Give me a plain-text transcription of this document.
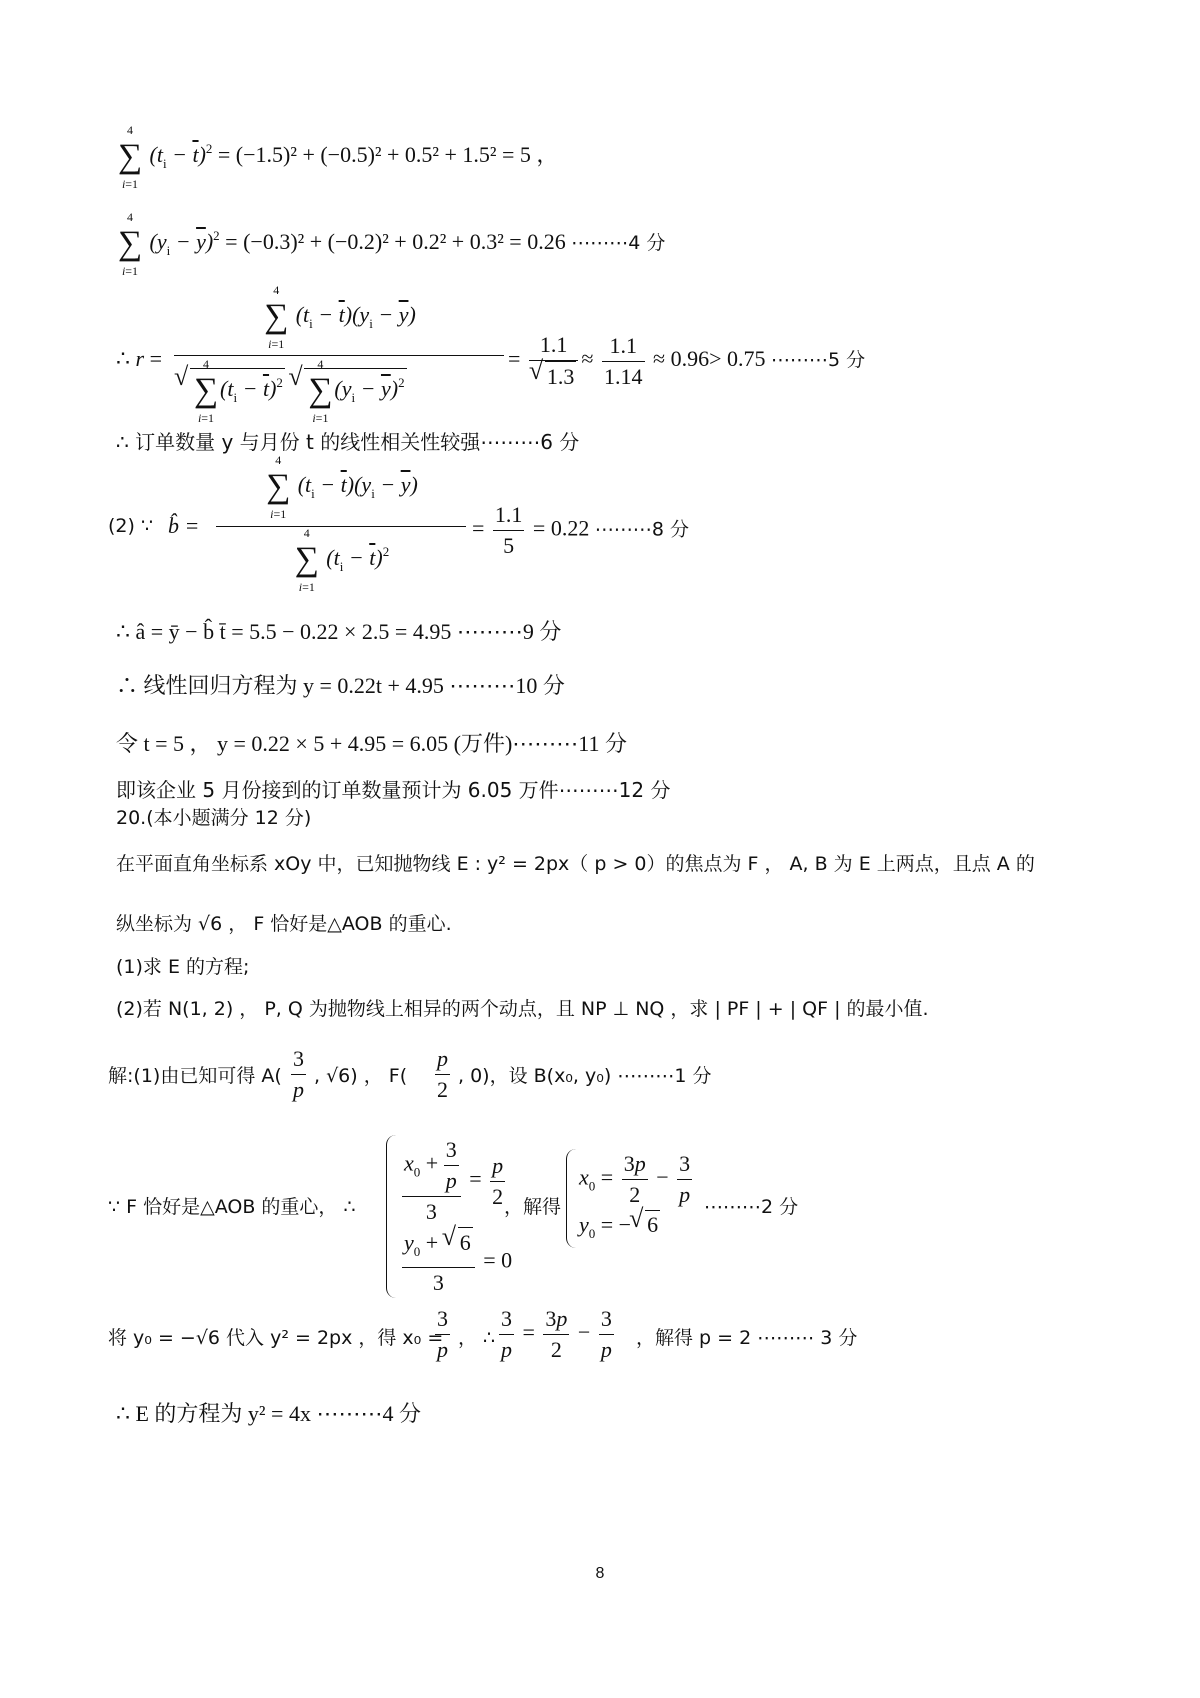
4
∑
i=1
$(t_i - \overline{t})^2 = (-1.5)^2 + (-0.5)^2 + 0.5^2 + 1.5^2 = 5$ ，
4
∑
i=1
$(y_i - \overline{y})^2 = (-0.3)^2 + (-0.2)^2 + 0.2^2 + 0.3^2 = 0.26$ ⋯⋯⋯4 分
∴ r =
4
∑
i=1
$(t_i - \overline{t})(y_i - \overline{y})$
√ 4
∑
i=1
$(t_i - \overline{t})^2$
√ 4
∑
i=1
$(y_i - \overline{y})^2$
= 1.1
√ $1.3 \approx \frac{1.1}{1.14} \approx 0.96> 0.75$ ⋯⋯⋯5 分
∴ 订单数量 y 与月份 t 的线性相关性较强⋯⋯⋯6 分
(2) ∵ b̂ =
4
∑
i=1
$(t_i - \overline{t})(y_i - \overline{y})$
4
∑
i=1
$(t_i - \overline{t})^2$
= $\frac{1.1}{5} = 0.22$ ⋯⋯⋯8 分
∴ â = ȳ − b̂ t̄ = 5.5 − 0.22 × 2.5 = 4.95 ⋯⋯⋯9 分
∴ 线性回归方程为 y = 0.22t + 4.95 ⋯⋯⋯10 分
令 t = 5 ， y = 0.22 × 5 + 4.95 = 6.05 (万件)⋯⋯⋯11 分
即该企业 5 月份接到的订单数量预计为 6.05 万件⋯⋯⋯12 分
20.(本小题满分 12 分)
在平面直角坐标系 xOy 中，已知抛物线 E : y² = 2px（ p > 0）的焦点为 F ， A, B 为 E 上两点，且点 A 的
纵坐标为 √6 ， F 恰好是△AOB 的重心.
(1)求 E 的方程;
(2)若 N(1, 2) ， P, Q 为抛物线上相异的两个动点，且 NP ⊥ NQ ，求 | PF | + | QF | 的最小值.
解:(1)由已知可得 $A( \frac{3}{p}$ , √6) ， $F( \frac{p}{2}$ , 0)，设 B(x₀, y₀) ⋯⋯⋯1 分
∵ F 恰好是△AOB 的重心， ∴ $\frac{x_0 + \frac{3}{p}}{3} = \frac{p}{2}$
$\frac{y_0 + √ 6}{3} = 0$
，解得
$x_0 = \frac{3p}{2} - \frac{3}{p}$
$y_0$ = − √ 6
⋯⋯⋯2 分
将 y₀ = −√6 代入 y² = 2px ，得 x₀ =
$\frac{3}{p}$ ， ∴ $\frac{3}{p} = \frac{3p}{2} - \frac{3}{p}$ ，解得 p = 2 ⋯⋯⋯ 3 分
∴ E 的方程为 y² = 4x ⋯⋯⋯4 分
8
